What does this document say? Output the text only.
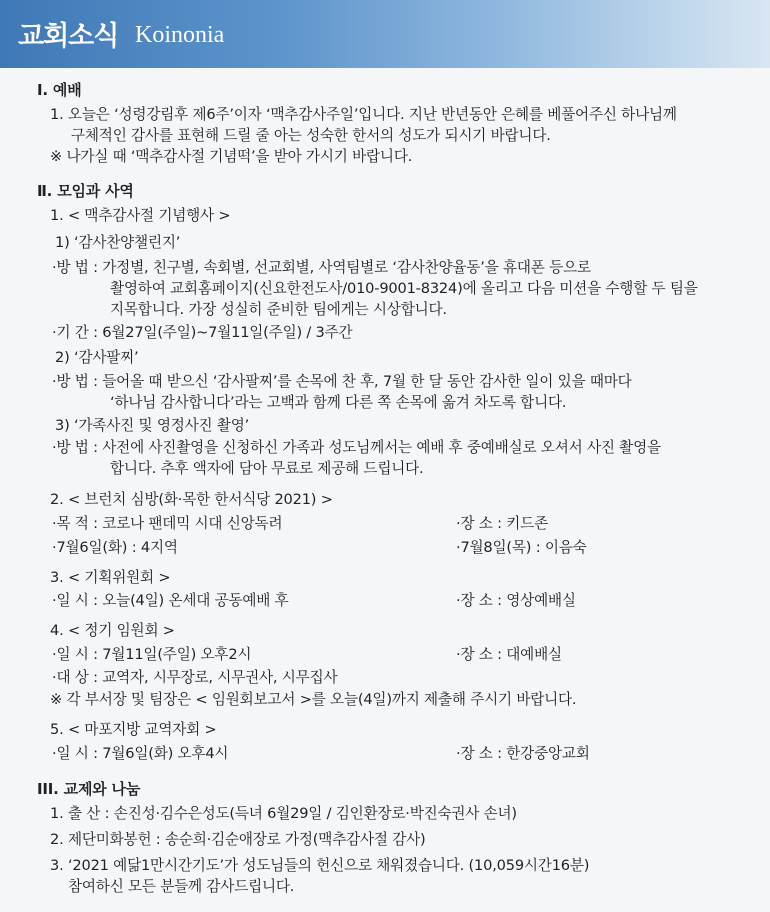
교회소식 Koinonia
Ⅰ. 예배
1. 오늘은 ‘성령강림후 제6주’이자 ‘맥추감사주일’입니다. 지난 반년동안 은혜를 베풀어주신 하나님께
구체적인 감사를 표현해 드릴 줄 아는 성숙한 한서의 성도가 되시기 바랍니다.
※ 나가실 때 ‘맥추감사절 기념떡’을 받아 가시기 바랍니다.
Ⅱ. 모임과 사역
1. < 맥추감사절 기념행사 >
1) ‘감사찬양챌린지’
·방 법 : 가정별, 친구별, 속회별, 선교회별, 사역팀별로 ‘감사찬양율동’을 휴대폰 등으로
촬영하여 교회홈페이지(신요한전도사/010-9001-8324)에 올리고 다음 미션을 수행할 두 팀을
지목합니다. 가장 성실히 준비한 팀에게는 시상합니다.
·기 간 : 6월27일(주일)~7월11일(주일) / 3주간
2) ‘감사팔찌’
·방 법 : 들어올 때 받으신 ‘감사팔찌’를 손목에 찬 후, 7월 한 달 동안 감사한 일이 있을 때마다
‘하나님 감사합니다’라는 고백과 함께 다른 쪽 손목에 옮겨 차도록 합니다.
3) ‘가족사진 및 영정사진 촬영’
·방 법 : 사전에 사진촬영을 신청하신 가족과 성도님께서는 예배 후 중예배실로 오셔서 사진 촬영을
합니다. 추후 액자에 담아 무료로 제공해 드립니다.
2. < 브런치 심방(화·목한 한서식당 2021) >
·목 적 : 코로나 팬데믹 시대 신앙독려	·장 소 : 키드존
·7월6일(화) : 4지역	·7월8일(목) : 이음숙
3. < 기획위원회 >
·일 시 : 오늘(4일) 온세대 공동예배 후	·장 소 : 영상예배실
4. < 정기 임원회 >
·일 시 : 7월11일(주일) 오후2시	·장 소 : 대예배실
·대 상 : 교역자, 시무장로, 시무권사, 시무집사
※ 각 부서장 및 팀장은 < 임원회보고서 >를 오늘(4일)까지 제출해 주시기 바랍니다.
5. < 마포지방 교역자회 >
·일 시 : 7월6일(화) 오후4시	·장 소 : 한강중앙교회
III. 교제와 나눔
1. 출 산 : 손진성·김수은성도(득녀 6월29일 / 김인환장로·박진숙권사 손녀)
2. 제단미화봉헌 : 송순희·김순애장로 가정(맥추감사절 감사)
3. ‘2021 예닮1만시간기도’가 성도님들의 헌신으로 채워졌습니다. (10,059시간16분)
참여하신 모든 분들께 감사드립니다.
